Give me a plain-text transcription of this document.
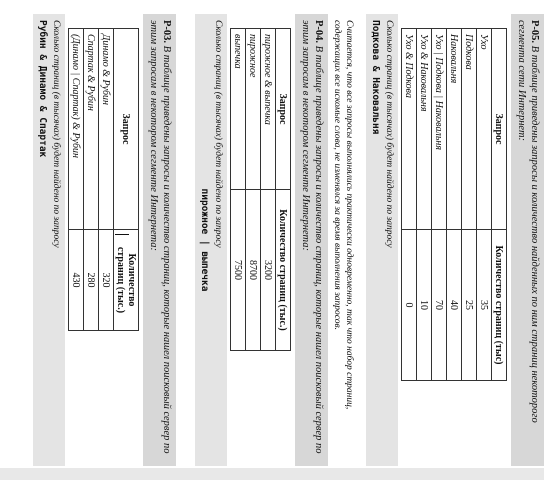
P-05. В таблице приведены запросы и количество найденных по ним страниц некоторого сегмента сети Интернет:
Запрос	Количество страниц (тыс)
Ухо	35
Подкова	25
Наковальня	40
Ухо | Подкова | Наковальня	70
Ухо & Наковальня	10
Ухо & Подкова	0
Сколько страниц (в тысячах) будет найдено по запросу
Подкова & Наковальня
Считается, что все запросы выполнялись практически одновременно, так что набор страниц, содержащих все искомые слова, не изменялся за время выполнения запросов.
P-04. В таблице приведены запросы и количество страниц, которые нашел поисковый сервер по этим запросам в некотором сегменте Интернета:
Запрос	Количество страниц (тыс.)
пирожное & выпечка	3200
пирожное	8700
выпечка	7500
Сколько страниц (в тысячах) будет найдено по запросу
пирожное | выпечка
P-03. В таблице приведены запросы и количество страниц, которые нашел поисковый сервер по этим запросам в некотором сегменте Интернета:
Запрос	Количество страниц (тыс.)
Динамо & Рубин	320
Спартак & Рубин	280
(Динамо | Спартак) & Рубин	430
Сколько страниц (в тысячах) будет найдено по запросу
Рубин & Динамо & Спартак
